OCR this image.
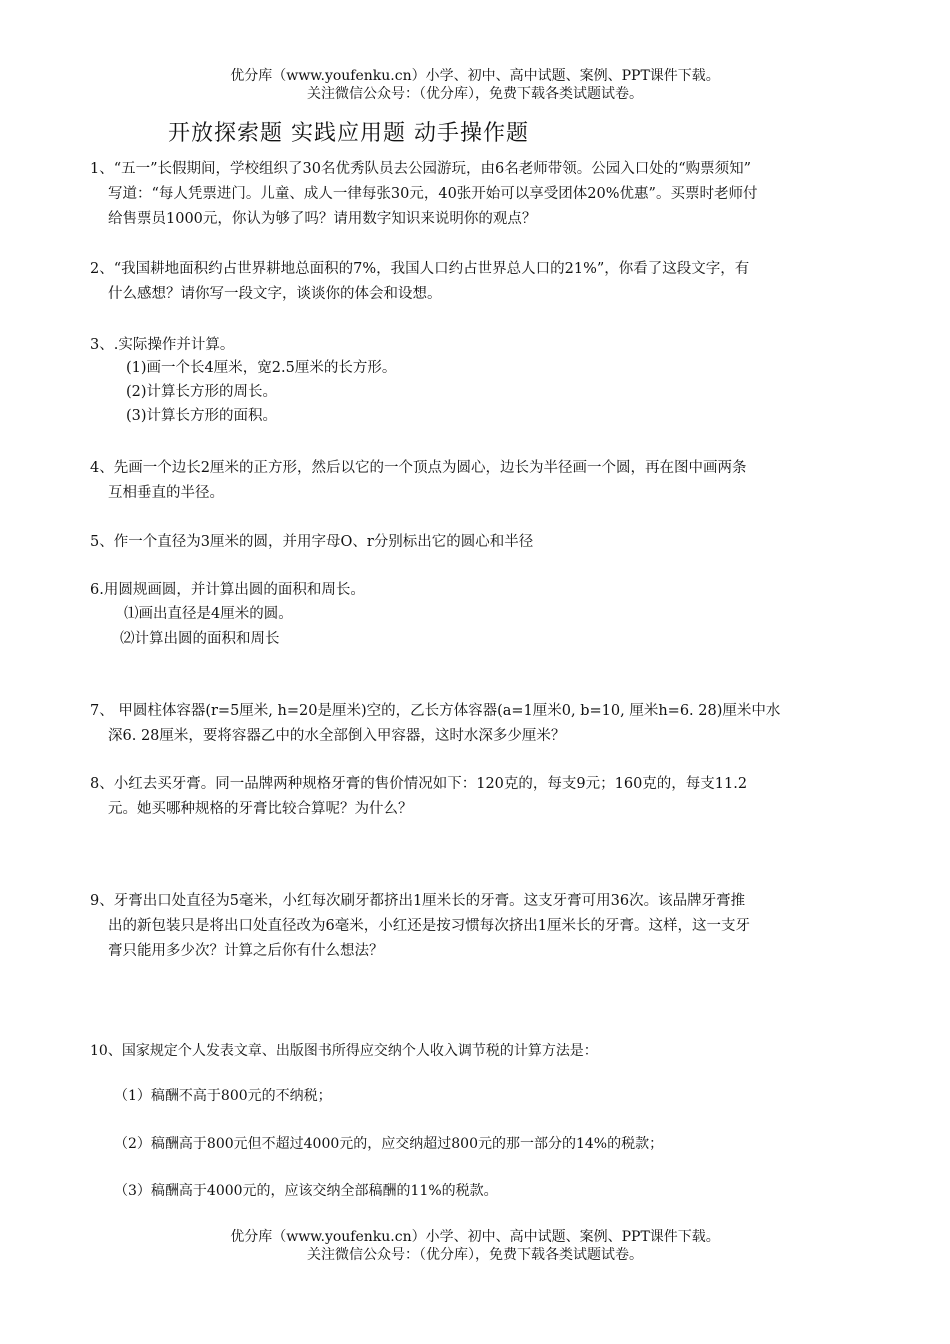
优分库（www.youfenku.cn）小学、初中、高中试题、案例、PPT课件下载。
关注微信公众号：（优分库），免费下载各类试题试卷。
开放探索题 实践应用题 动手操作题
1、“五一”长假期间，学校组织了30名优秀队员去公园游玩，由6名老师带领。公园入口处的“购票须知”
写道：“每人凭票进门。儿童、成人一律每张30元，40张开始可以享受团体20%优惠”。买票时老师付
给售票员1000元，你认为够了吗？请用数字知识来说明你的观点？
2、“我国耕地面积约占世界耕地总面积的7%，我国人口约占世界总人口的21%”，你看了这段文字，有
什么感想？请你写一段文字，谈谈你的体会和设想。
3、.实际操作并计算。
(1)画一个长4厘米，宽2.5厘米的长方形。
(2)计算长方形的周长。
(3)计算长方形的面积。
4、先画一个边长2厘米的正方形，然后以它的一个顶点为圆心，边长为半径画一个圆，再在图中画两条
互相垂直的半径。
5、作一个直径为3厘米的圆，并用字母O、r分别标出它的圆心和半径
6.用圆规画圆，并计算出圆的面积和周长。
⑴画出直径是4厘米的圆。
⑵计算出圆的面积和周长
7、 甲圆柱体容器(r=5厘米, h=20是厘米)空的，乙长方体容器(a=1厘米0, b=10, 厘米h=6. 28)厘米中水
深6. 28厘米，要将容器乙中的水全部倒入甲容器，这时水深多少厘米？
8、小红去买牙膏。同一品牌两种规格牙膏的售价情况如下：120克的，每支9元；160克的，每支11.2
元。她买哪种规格的牙膏比较合算呢？为什么？
9、牙膏出口处直径为5毫米，小红每次刷牙都挤出1厘米长的牙膏。这支牙膏可用36次。该品牌牙膏推
出的新包装只是将出口处直径改为6毫米，小红还是按习惯每次挤出1厘米长的牙膏。这样，这一支牙
膏只能用多少次？计算之后你有什么想法？
10、国家规定个人发表文章、出版图书所得应交纳个人收入调节税的计算方法是：
（1）稿酬不高于800元的不纳税；
（2）稿酬高于800元但不超过4000元的，应交纳超过800元的那一部分的14%的税款；
（3）稿酬高于4000元的，应该交纳全部稿酬的11%的税款。
优分库（www.youfenku.cn）小学、初中、高中试题、案例、PPT课件下载。
关注微信公众号：（优分库），免费下载各类试题试卷。
